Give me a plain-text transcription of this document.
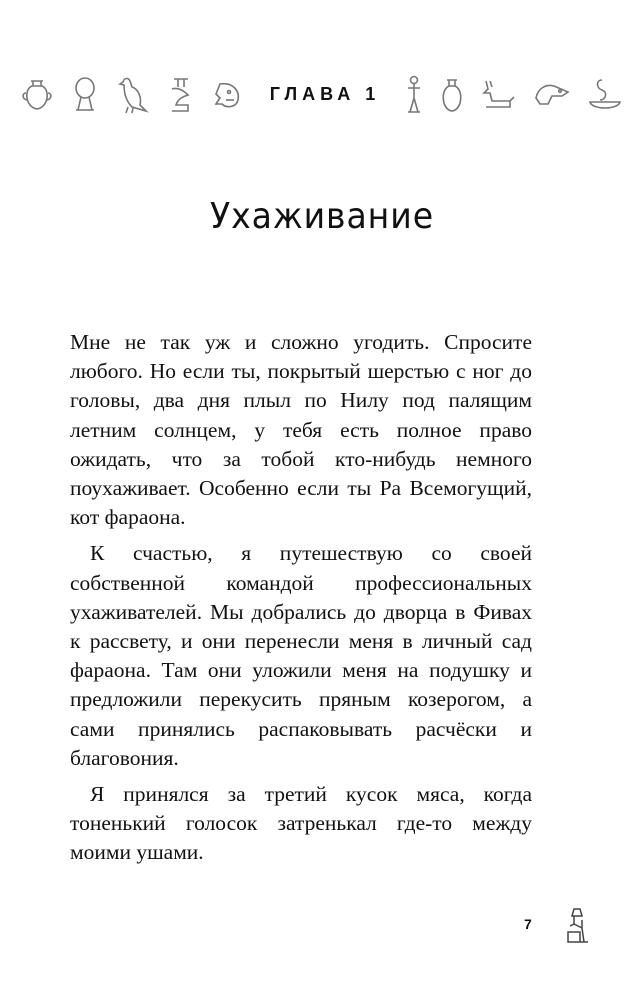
ГЛАВА 1
Ухаживание

Мне не так уж и сложно угодить. Спросите любого. Но если ты, покрытый шерстью с ног до головы, два дня плыл по Нилу под палящим летним солнцем, у тебя есть полное право ожидать, что за тобой кто-нибудь немного поухаживает. Особенно если ты Ра Всемогущий, кот фараона.

К счастью, я путешествую со своей собственной командой профессиональных ухаживателей. Мы добрались до дворца в Фивах к рассвету, и они перенесли меня в личный сад фараона. Там они уложили меня на подушку и предложили перекусить пряным козерогом, а сами принялись распаковывать расчёски и благовония.

Я принялся за третий кусок мяса, когда тоненький голосок затренькал где-то между моими ушами.

7
